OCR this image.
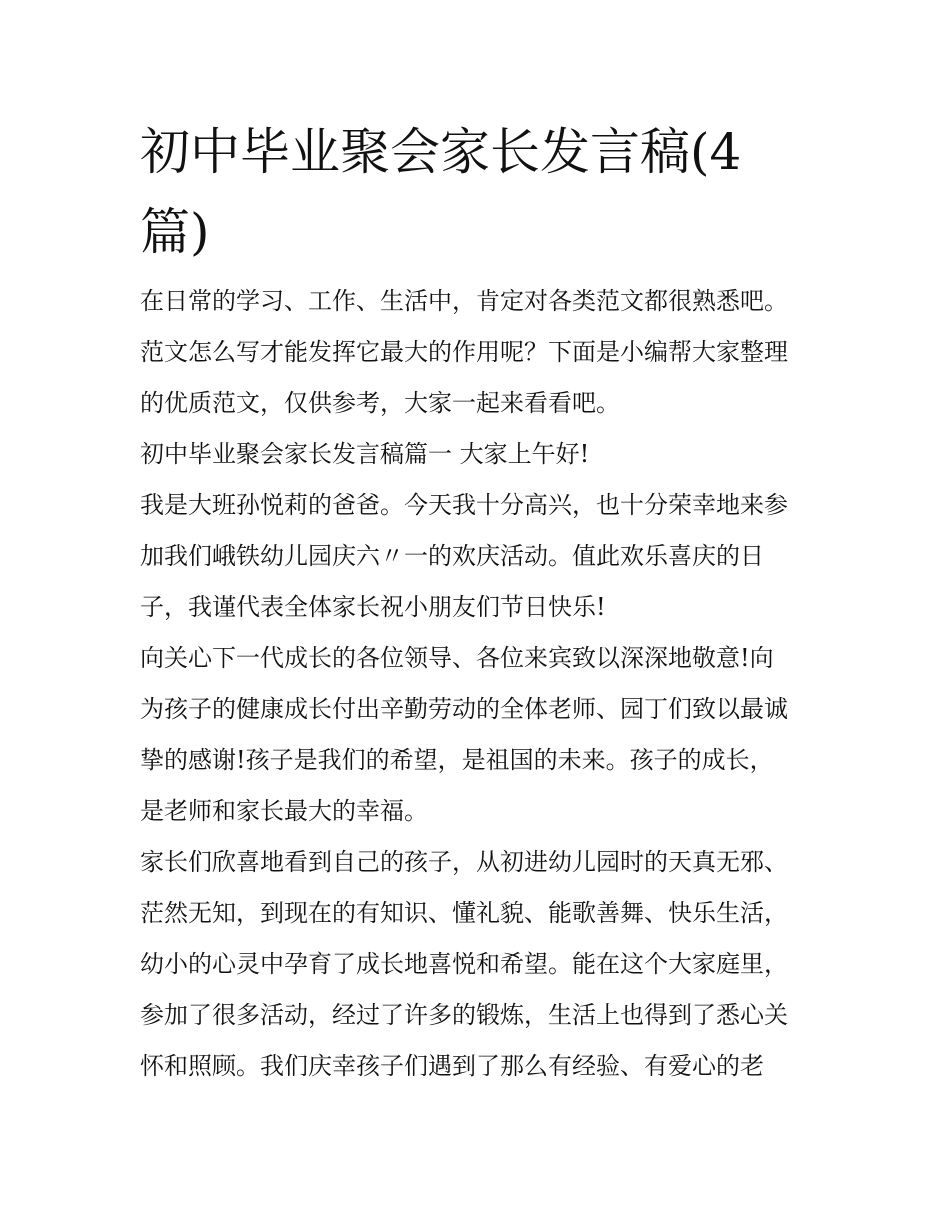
初中毕业聚会家长发言稿(4篇)
在日常的学习、工作、生活中，肯定对各类范文都很熟悉吧。
范文怎么写才能发挥它最大的作用呢？下面是小编帮大家整理
的优质范文，仅供参考，大家一起来看看吧。
初中毕业聚会家长发言稿篇一 大家上午好!
我是大班孙悦莉的爸爸。今天我十分高兴，也十分荣幸地来参
加我们峨铁幼儿园庆六〃一的欢庆活动。值此欢乐喜庆的日
子，我谨代表全体家长祝小朋友们节日快乐!
向关心下一代成长的各位领导、各位来宾致以深深地敬意!向
为孩子的健康成长付出辛勤劳动的全体老师、园丁们致以最诚
挚的感谢!孩子是我们的希望，是祖国的未来。孩子的成长，
是老师和家长最大的幸福。
家长们欣喜地看到自己的孩子，从初进幼儿园时的天真无邪、
茫然无知，到现在的有知识、懂礼貌、能歌善舞、快乐生活，
幼小的心灵中孕育了成长地喜悦和希望。能在这个大家庭里，
参加了很多活动，经过了许多的锻炼，生活上也得到了悉心关
怀和照顾。我们庆幸孩子们遇到了那么有经验、有爱心的老
